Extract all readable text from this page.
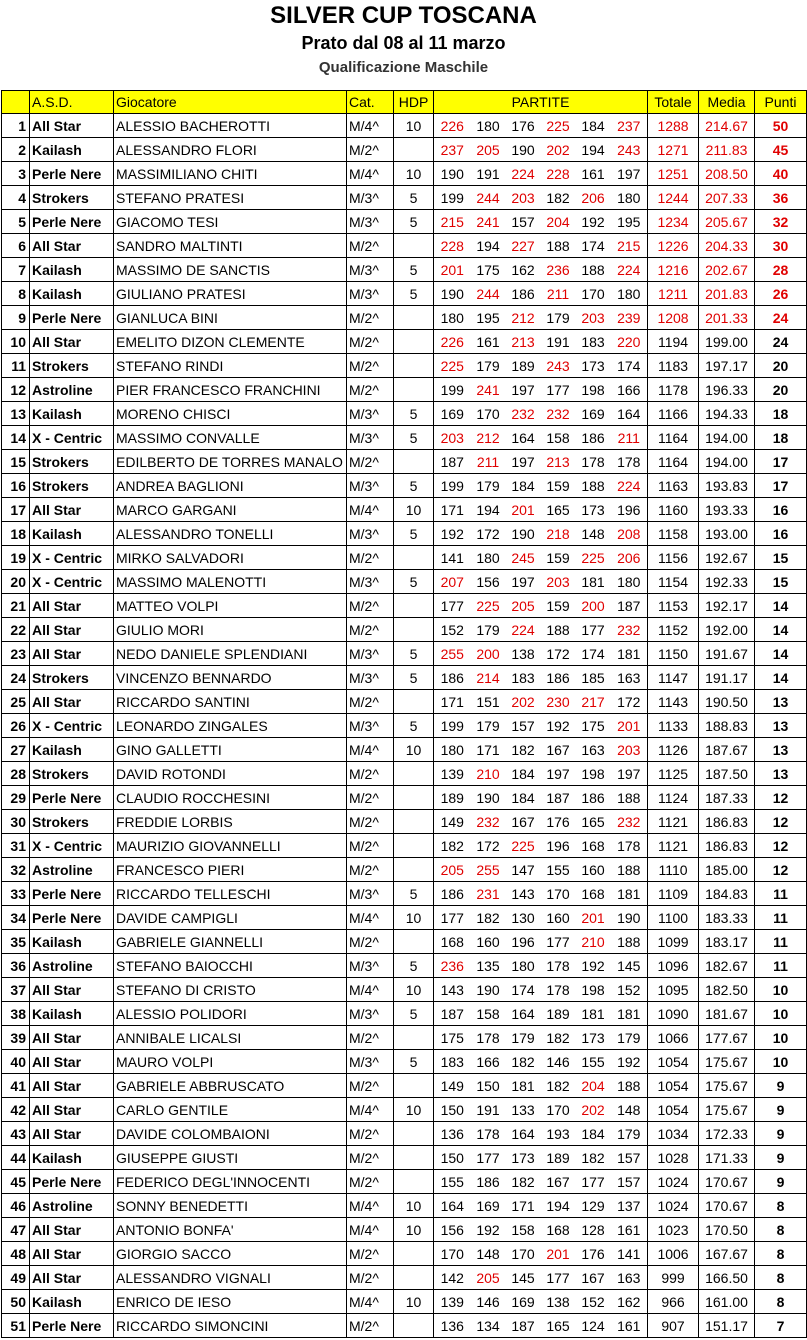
SILVER CUP TOSCANA
Prato dal 08 al 11 marzo
Qualificazione Maschile
	A.S.D.	Giocatore	Cat.	HDP	PARTITE						Totale	Media	Punti
1	All Star	ALESSIO BACHEROTTI	M/4^	10	226	180	176	225	184	237	1288	214.67	50
2	Kailash	ALESSANDRO FLORI	M/2^		237	205	190	202	194	243	1271	211.83	45
3	Perle Nere	MASSIMILIANO CHITI	M/4^	10	190	191	224	228	161	197	1251	208.50	40
4	Strokers	STEFANO PRATESI	M/3^	5	199	244	203	182	206	180	1244	207.33	36
5	Perle Nere	GIACOMO TESI	M/3^	5	215	241	157	204	192	195	1234	205.67	32
6	All Star	SANDRO MALTINTI	M/2^		228	194	227	188	174	215	1226	204.33	30
7	Kailash	MASSIMO DE SANCTIS	M/3^	5	201	175	162	236	188	224	1216	202.67	28
8	Kailash	GIULIANO PRATESI	M/3^	5	190	244	186	211	170	180	1211	201.83	26
9	Perle Nere	GIANLUCA BINI	M/2^		180	195	212	179	203	239	1208	201.33	24
10	All Star	EMELITO DIZON CLEMENTE	M/2^		226	161	213	191	183	220	1194	199.00	24
11	Strokers	STEFANO RINDI	M/2^		225	179	189	243	173	174	1183	197.17	20
12	Astroline	PIER FRANCESCO FRANCHINI	M/2^		199	241	197	177	198	166	1178	196.33	20
13	Kailash	MORENO CHISCI	M/3^	5	169	170	232	232	169	164	1166	194.33	18
14	X - Centric	MASSIMO CONVALLE	M/3^	5	203	212	164	158	186	211	1164	194.00	18
15	Strokers	EDILBERTO DE TORRES MANALO	M/2^		187	211	197	213	178	178	1164	194.00	17
16	Strokers	ANDREA BAGLIONI	M/3^	5	199	179	184	159	188	224	1163	193.83	17
17	All Star	MARCO GARGANI	M/4^	10	171	194	201	165	173	196	1160	193.33	16
18	Kailash	ALESSANDRO TONELLI	M/3^	5	192	172	190	218	148	208	1158	193.00	16
19	X - Centric	MIRKO SALVADORI	M/2^		141	180	245	159	225	206	1156	192.67	15
20	X - Centric	MASSIMO MALENOTTI	M/3^	5	207	156	197	203	181	180	1154	192.33	15
21	All Star	MATTEO VOLPI	M/2^		177	225	205	159	200	187	1153	192.17	14
22	All Star	GIULIO MORI	M/2^		152	179	224	188	177	232	1152	192.00	14
23	All Star	NEDO DANIELE SPLENDIANI	M/3^	5	255	200	138	172	174	181	1150	191.67	14
24	Strokers	VINCENZO BENNARDO	M/3^	5	186	214	183	186	185	163	1147	191.17	14
25	All Star	RICCARDO SANTINI	M/2^		171	151	202	230	217	172	1143	190.50	13
26	X - Centric	LEONARDO ZINGALES	M/3^	5	199	179	157	192	175	201	1133	188.83	13
27	Kailash	GINO GALLETTI	M/4^	10	180	171	182	167	163	203	1126	187.67	13
28	Strokers	DAVID ROTONDI	M/2^		139	210	184	197	198	197	1125	187.50	13
29	Perle Nere	CLAUDIO ROCCHESINI	M/2^		189	190	184	187	186	188	1124	187.33	12
30	Strokers	FREDDIE LORBIS	M/2^		149	232	167	176	165	232	1121	186.83	12
31	X - Centric	MAURIZIO GIOVANNELLI	M/2^		182	172	225	196	168	178	1121	186.83	12
32	Astroline	FRANCESCO PIERI	M/2^		205	255	147	155	160	188	1110	185.00	12
33	Perle Nere	RICCARDO TELLESCHI	M/3^	5	186	231	143	170	168	181	1109	184.83	11
34	Perle Nere	DAVIDE CAMPIGLI	M/4^	10	177	182	130	160	201	190	1100	183.33	11
35	Kailash	GABRIELE GIANNELLI	M/2^		168	160	196	177	210	188	1099	183.17	11
36	Astroline	STEFANO BAIOCCHI	M/3^	5	236	135	180	178	192	145	1096	182.67	11
37	All Star	STEFANO DI CRISTO	M/4^	10	143	190	174	178	198	152	1095	182.50	10
38	Kailash	ALESSIO POLIDORI	M/3^	5	187	158	164	189	181	181	1090	181.67	10
39	All Star	ANNIBALE LICALSI	M/2^		175	178	179	182	173	179	1066	177.67	10
40	All Star	MAURO VOLPI	M/3^	5	183	166	182	146	155	192	1054	175.67	10
41	All Star	GABRIELE ABBRUSCATO	M/2^		149	150	181	182	204	188	1054	175.67	9
42	All Star	CARLO GENTILE	M/4^	10	150	191	133	170	202	148	1054	175.67	9
43	All Star	DAVIDE COLOMBAIONI	M/2^		136	178	164	193	184	179	1034	172.33	9
44	Kailash	GIUSEPPE GIUSTI	M/2^		150	177	173	189	182	157	1028	171.33	9
45	Perle Nere	FEDERICO DEGL'INNOCENTI	M/2^		155	186	182	167	177	157	1024	170.67	9
46	Astroline	SONNY BENEDETTI	M/4^	10	164	169	171	194	129	137	1024	170.67	8
47	All Star	ANTONIO BONFA'	M/4^	10	156	192	158	168	128	161	1023	170.50	8
48	All Star	GIORGIO SACCO	M/2^		170	148	170	201	176	141	1006	167.67	8
49	All Star	ALESSANDRO VIGNALI	M/2^		142	205	145	177	167	163	999	166.50	8
50	Kailash	ENRICO DE IESO	M/4^	10	139	146	169	138	152	162	966	161.00	8
51	Perle Nere	RICCARDO SIMONCINI	M/2^		136	134	187	165	124	161	907	151.17	7
